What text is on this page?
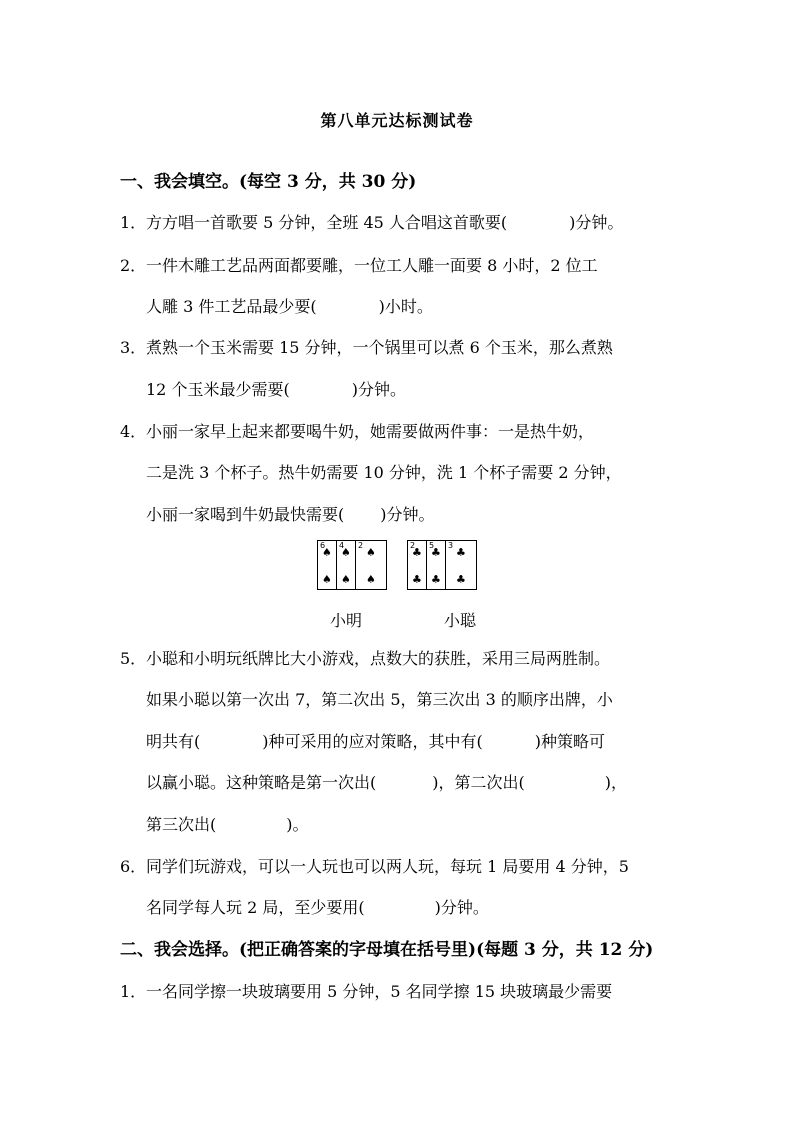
第八单元达标测试卷
一、我会填空。(每空 3 分，共 30 分)
1．方方唱一首歌要 5 分钟，全班 45 人合唱这首歌要(	)分钟。
2．一件木雕工艺品两面都要雕，一位工人雕一面要 8 小时，2 位工
人雕 3 件工艺品最少要(	)小时。
3．煮熟一个玉米需要 15 分钟，一个锅里可以煮 6 个玉米，那么煮熟
12 个玉米最少需要(	)分钟。
4．小丽一家早上起来都要喝牛奶，她需要做两件事：一是热牛奶，
二是洗 3 个杯子。热牛奶需要 10 分钟，洗 1 个杯子需要 2 分钟，
小丽一家喝到牛奶最快需要( )分钟。
6
♠
♠
4
♠
♠
2
♠
♠
2
♣
♣
5
♣
♣
3
♣
♣
小明	小聪
5．小聪和小明玩纸牌比大小游戏，点数大的获胜，采用三局两胜制。
如果小聪以第一次出 7，第二次出 5，第三次出 3 的顺序出牌，小
明共有(	)种可采用的应对策略，其中有(	)种策略可
以赢小聪。这种策略是第一次出(	)，第二次出(	)，
第三次出(	)。
6．同学们玩游戏，可以一人玩也可以两人玩，每玩 1 局要用 4 分钟，5
名同学每人玩 2 局，至少要用(	)分钟。
二、我会选择。(把正确答案的字母填在括号里)(每题 3 分，共 12 分)
1．一名同学擦一块玻璃要用 5 分钟，5 名同学擦 15 块玻璃最少需要
